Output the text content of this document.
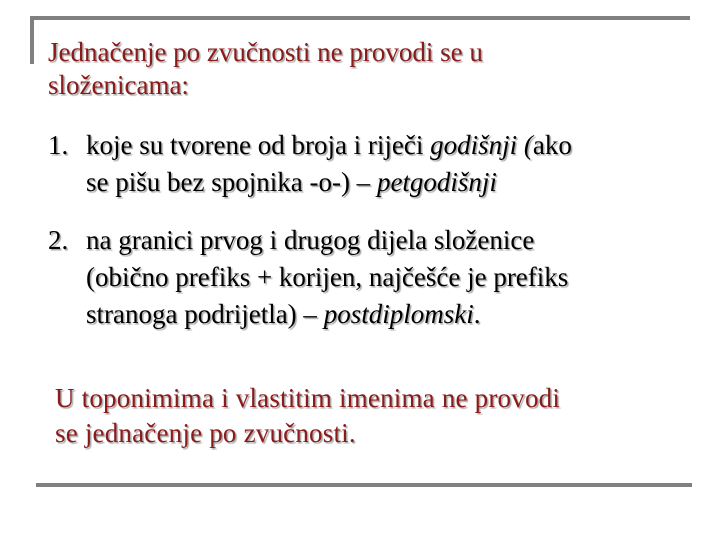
Jednačenje po zvučnosti ne provodi se u
složenicama:
1. koje su tvorene od broja i riječi godišnji (ako
se pišu bez spojnika -o-) – petgodišnji
2. na granici prvog i drugog dijela složenice
(obično prefiks + korijen, najčešće je prefiks
stranoga podrijetla) – postdiplomski.
U toponimima i vlastitim imenima ne provodi
se jednačenje po zvučnosti.
